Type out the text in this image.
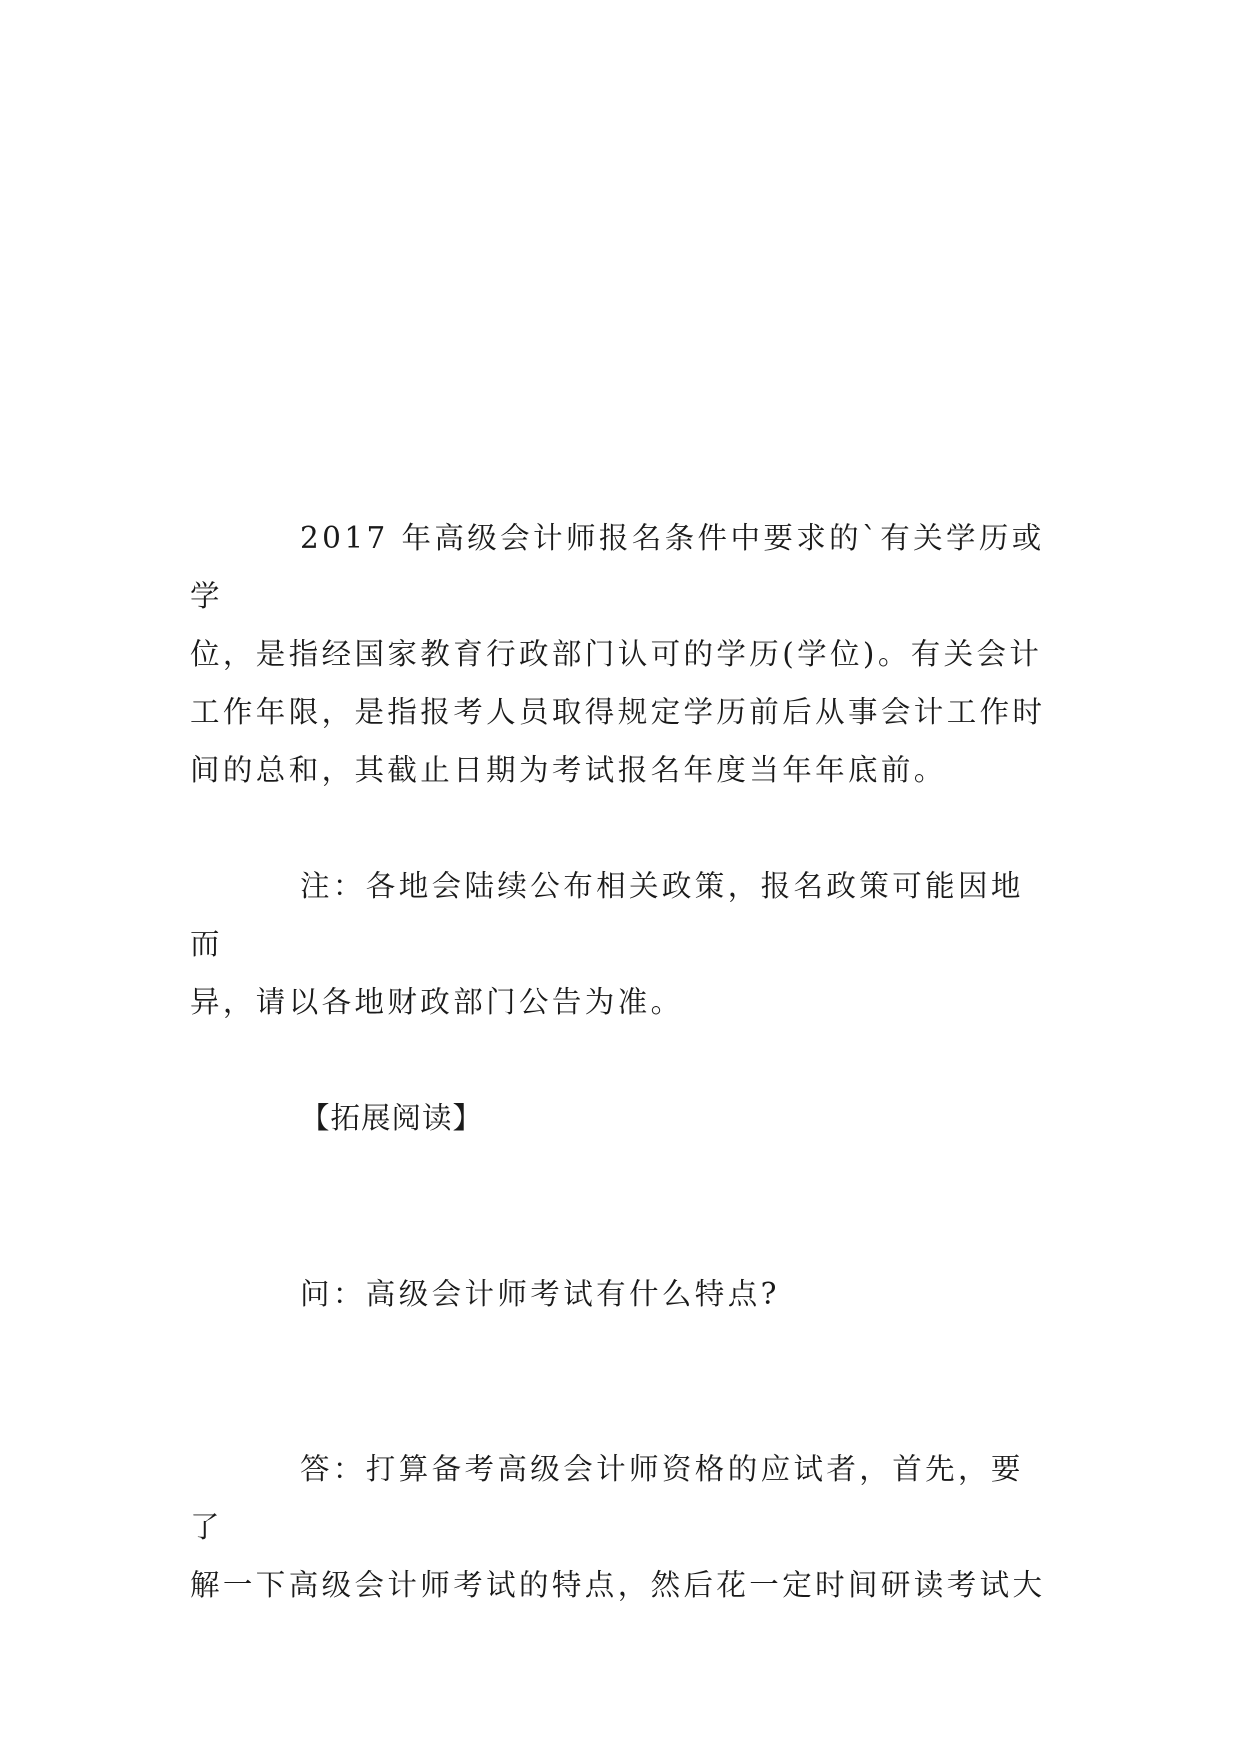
2017 年高级会计师报名条件中要求的`有关学历或学
位，是指经国家教育行政部门认可的学历(学位)。有关会计
工作年限，是指报考人员取得规定学历前后从事会计工作时
间的总和，其截止日期为考试报名年度当年年底前。
注：各地会陆续公布相关政策，报名政策可能因地而
异，请以各地财政部门公告为准。
【拓展阅读】
问：高级会计师考试有什么特点?
答：打算备考高级会计师资格的应试者，首先，要了
解一下高级会计师考试的特点，然后花一定时间研读考试大
